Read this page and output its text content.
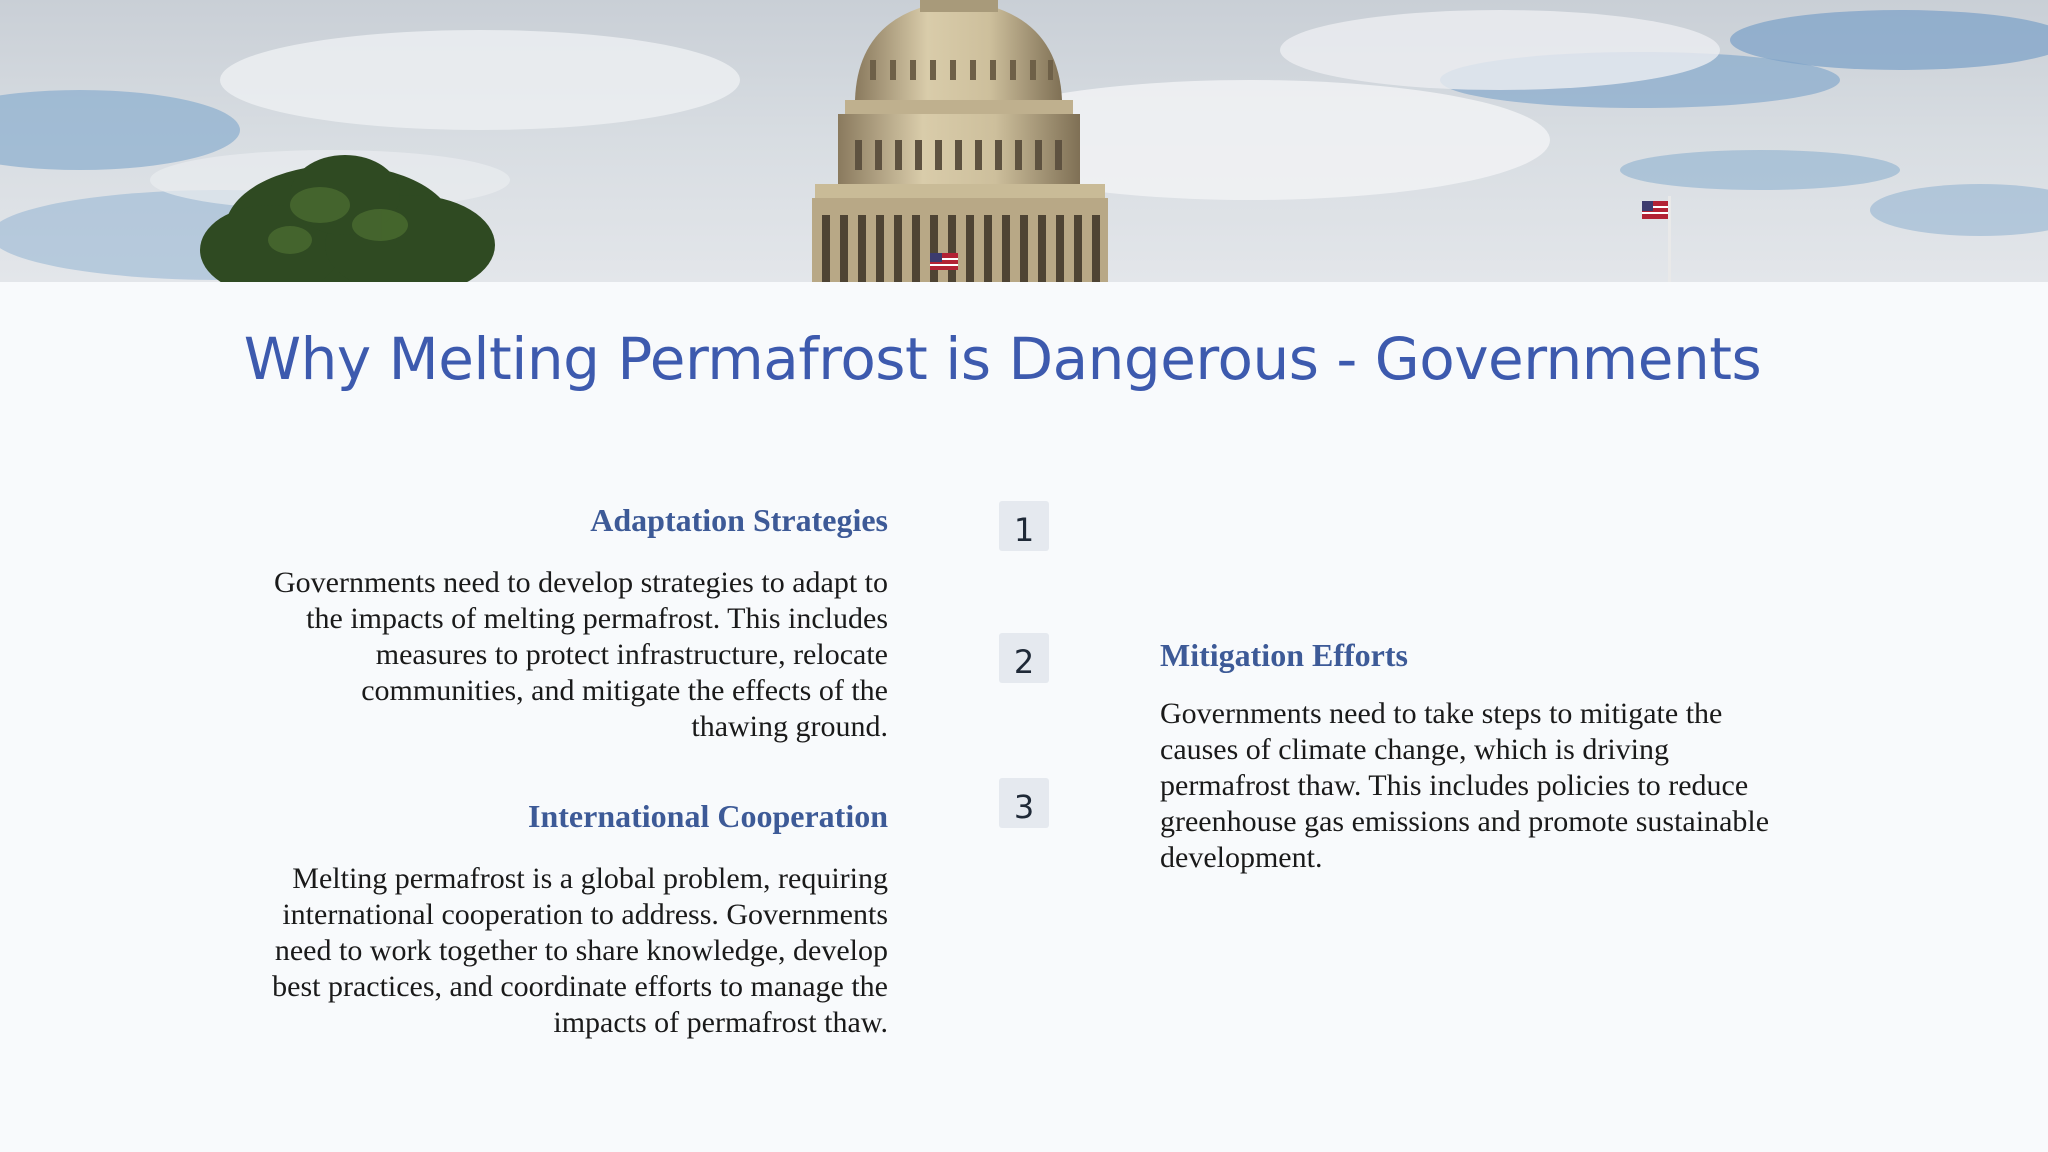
Why Melting Permafrost is Dangerous - Governments
1
2
3
Adaptation Strategies

Governments need to develop strategies to adapt to the impacts of melting permafrost. This includes measures to protect infrastructure, relocate communities, and mitigate the effects of the thawing ground.

Mitigation Efforts

Governments need to take steps to mitigate the causes of climate change, which is driving permafrost thaw. This includes policies to reduce greenhouse gas emissions and promote sustainable development.

International Cooperation

Melting permafrost is a global problem, requiring international cooperation to address. Governments need to work together to share knowledge, develop best practices, and coordinate efforts to manage the impacts of permafrost thaw.
